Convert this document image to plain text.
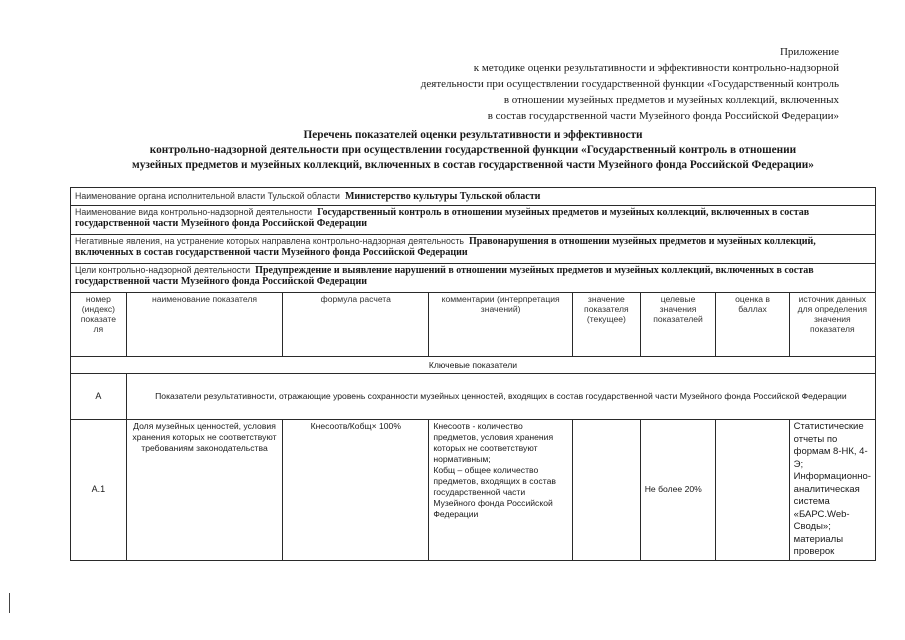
Приложение
к методике оценки результативности и эффективности контрольно-надзорной
деятельности при осуществлении государственной функции «Государственный контроль
в отношении музейных предметов и музейных коллекций, включенных
в состав государственной части Музейного фонда Российской Федерации»
Перечень показателей оценки результативности и эффективности
контрольно-надзорной деятельности при осуществлении государственной функции «Государственный контроль в отношении
музейных предметов и музейных коллекций, включенных в состав государственной части Музейного фонда Российской Федерации»
Наименование органа исполнительной власти Тульской области Министерство культуры Тульской области							
Наименование вида контрольно-надзорной деятельности Государственный контроль в отношении музейных предметов и музейных коллекций, включенных в состав государственной части Музейного фонда Российской Федерации							
Негативные явления, на устранение которых направлена контрольно-надзорная деятельность Правонарушения в отношении музейных предметов и музейных коллекций, включенных в состав государственной части Музейного фонда Российской Федерации							
Цели контрольно-надзорной деятельности Предупреждение и выявление нарушений в отношении музейных предметов и музейных коллекций, включенных в состав государственной части Музейного фонда Российской Федерации							
номер (индекс) показате ля	наименование показателя	формула расчета	комментарии (интерпретация значений)	значение показателя (текущее)	целевые значения показателей	оценка в баллах	источник данных для определения значения показателя
Ключевые показатели							
А	Показатели результативности, отражающие уровень сохранности музейных ценностей, входящих в состав государственной части Музейного фонда Российской Федерации						
А.1	Доля музейных ценностей, условия хранения которых не соответствуют требованиям законодательства	Кнесоотв/Кобщ× 100%	Кнесоотв - количество предметов, условия хранения которых не соответствуют нормативным;
Кобщ – общее количество предметов, входящих в состав государственной части Музейного фонда Российской Федерации		Не более 20%		Статистические отчеты по формам 8-НК, 4-Э; Информационно-аналитическая система «БАРС.Web-Своды»; материалы проверок
